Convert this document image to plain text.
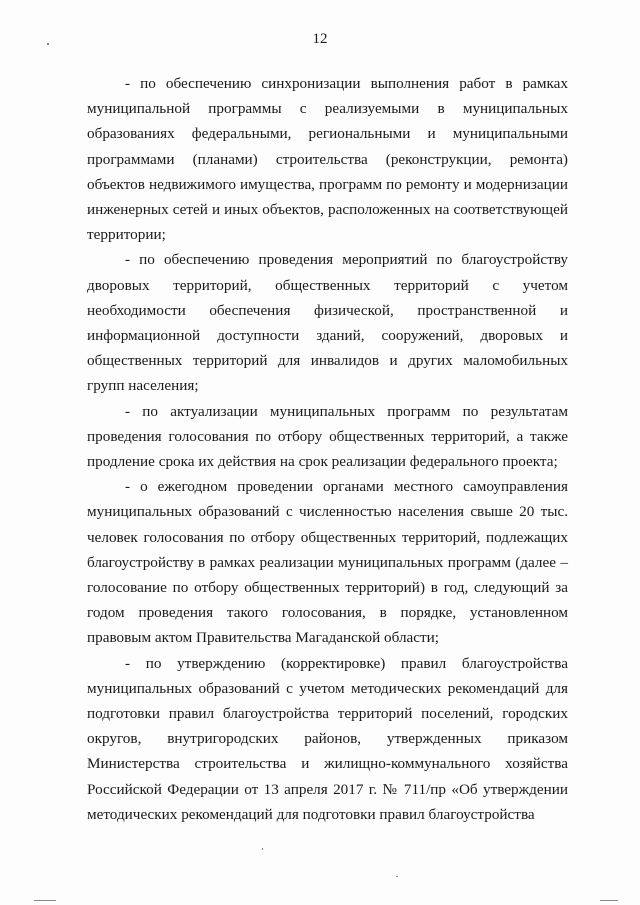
12

- по обеспечению синхронизации выполнения работ в рамках муниципальной программы с реализуемыми в муниципальных образованиях федеральными, региональными и муниципальными программами (планами) строительства (реконструкции, ремонта) объектов недвижимого имущества, программ по ремонту и модернизации инженерных сетей и иных объектов, расположенных на соответствующей территории;

- по обеспечению проведения мероприятий по благоустройству дворовых территорий, общественных территорий с учетом необходимости обеспечения физической, пространственной и информационной доступности зданий, сооружений, дворовых и общественных территорий для инвалидов и других маломобильных групп населения;

- по актуализации муниципальных программ по результатам проведения голосования по отбору общественных территорий, а также продление срока их действия на срок реализации федерального проекта;

- о ежегодном проведении органами местного самоуправления муниципальных образований с численностью населения свыше 20 тыс. человек голосования по отбору общественных территорий, подлежащих благоустройству в рамках реализации муниципальных программ (далее – голосование по отбору общественных территорий) в год, следующий за годом проведения такого голосования, в порядке, установленном правовым актом Правительства Магаданской области;

- по утверждению (корректировке) правил благоустройства муниципальных образований с учетом методических рекомендаций для подготовки правил благоустройства территорий поселений, городских округов, внутригородских районов, утвержденных приказом Министерства строительства и жилищно-коммунального хозяйства Российской Федерации от 13 апреля 2017 г. № 711/пр «Об утверждении методических рекомендаций для подготовки правил благоустройства
